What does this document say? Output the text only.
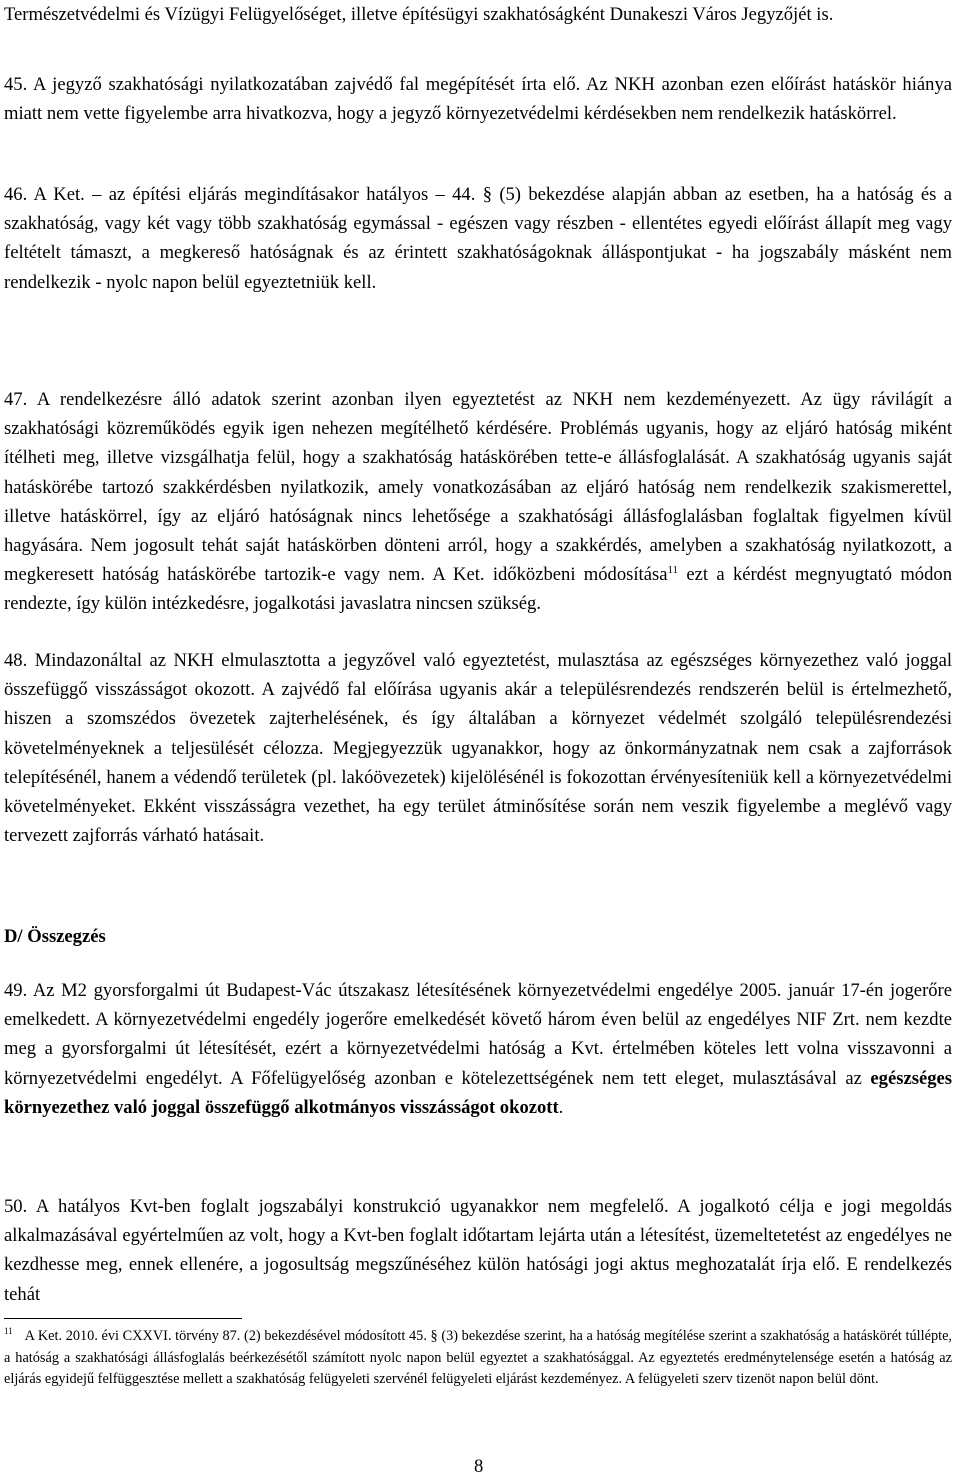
Természetvédelmi és Vízügyi Felügyelőséget, illetve építésügyi szakhatóságként Dunakeszi Város Jegyzőjét is.

45. A jegyző szakhatósági nyilatkozatában zajvédő fal megépítését írta elő. Az NKH azonban ezen előírást hatáskör hiánya miatt nem vette figyelembe arra hivatkozva, hogy a jegyző környezetvédelmi kérdésekben nem rendelkezik hatáskörrel.

46. A Ket. – az építési eljárás megindításakor hatályos – 44. § (5) bekezdése alapján abban az esetben, ha a hatóság és a szakhatóság, vagy két vagy több szakhatóság egymással - egészen vagy részben - ellentétes egyedi előírást állapít meg vagy feltételt támaszt, a megkereső hatóságnak és az érintett szakhatóságoknak álláspontjukat - ha jogszabály másként nem rendelkezik - nyolc napon belül egyeztetniük kell.

47. A rendelkezésre álló adatok szerint azonban ilyen egyeztetést az NKH nem kezdeményezett. Az ügy rávilágít a szakhatósági közreműködés egyik igen nehezen megítélhető kérdésére. Problémás ugyanis, hogy az eljáró hatóság miként ítélheti meg, illetve vizsgálhatja felül, hogy a szakhatóság hatáskörében tette-e állásfoglalását. A szakhatóság ugyanis saját hatáskörébe tartozó szakkérdésben nyilatkozik, amely vonatkozásában az eljáró hatóság nem rendelkezik szakismerettel, illetve hatáskörrel, így az eljáró hatóságnak nincs lehetősége a szakhatósági állásfoglalásban foglaltak figyelmen kívül hagyására. Nem jogosult tehát saját hatáskörben dönteni arról, hogy a szakkérdés, amelyben a szakhatóság nyilatkozott, a megkeresett hatóság hatáskörébe tartozik-e vagy nem. A Ket. időközbeni módosítása$^{11}$ ezt a kérdést megnyugtató módon rendezte, így külön intézkedésre, jogalkotási javaslatra nincsen szükség.

48. Mindazonáltal az NKH elmulasztotta a jegyzővel való egyeztetést, mulasztása az egészséges környezethez való joggal összefüggő visszásságot okozott. A zajvédő fal előírása ugyanis akár a településrendezés rendszerén belül is értelmezhető, hiszen a szomszédos övezetek zajterhelésének, és így általában a környezet védelmét szolgáló településrendezési követelményeknek a teljesülését célozza. Megjegyezzük ugyanakkor, hogy az önkormányzatnak nem csak a zajforrások telepítésénél, hanem a védendő területek (pl. lakóövezetek) kijelölésénél is fokozottan érvényesíteniük kell a környezetvédelmi követelményeket. Ekként visszásságra vezethet, ha egy terület átminősítése során nem veszik figyelembe a meglévő vagy tervezett zajforrás várható hatásait.

D/ Összegzés

49. Az M2 gyorsforgalmi út Budapest-Vác útszakasz létesítésének környezetvédelmi engedélye 2005. január 17-én jogerőre emelkedett. A környezetvédelmi engedély jogerőre emelkedését követő három éven belül az engedélyes NIF Zrt. nem kezdte meg a gyorsforgalmi út létesítését, ezért a környezetvédelmi hatóság a Kvt. értelmében köteles lett volna visszavonni a környezetvédelmi engedélyt. A Főfelügyelőség azonban e kötelezettségének nem tett eleget, mulasztásával az egészséges környezethez való joggal összefüggő alkotmányos visszásságot okozott.

50. A hatályos Kvt-ben foglalt jogszabályi konstrukció ugyanakkor nem megfelelő. A jogalkotó célja e jogi megoldás alkalmazásával egyértelműen az volt, hogy a Kvt-ben foglalt időtartam lejárta után a létesítést, üzemeltetetést az engedélyes ne kezdhesse meg, ennek ellenére, a jogosultság megszűnéséhez külön hatósági jogi aktus meghozatalát írja elő. E rendelkezés tehát

$^{11}$ A Ket. 2010. évi CXXVI. törvény 87. (2) bekezdésével módosított 45. § (3) bekezdése szerint, ha a hatóság megítélése szerint a szakhatóság a hatáskörét túllépte, a hatóság a szakhatósági állásfoglalás beérkezésétől számított nyolc napon belül egyeztet a szakhatósággal. Az egyeztetés eredménytelensége esetén a hatóság az eljárás egyidejű felfüggesztése mellett a szakhatóság felügyeleti szervénél felügyeleti eljárást kezdeményez. A felügyeleti szerv tizenöt napon belül dönt.

8
